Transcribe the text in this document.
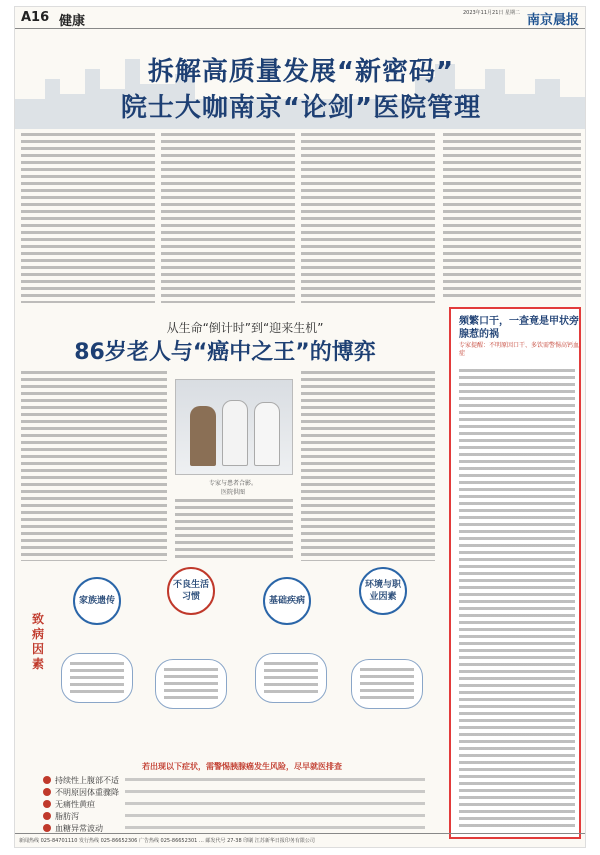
A16 健康
2023年11月21日 星期二 南京晨报
拆解高质量发展“新密码”
院士大咖南京“论剑”医院管理
从生命“倒计时”到“迎来生机”
86岁老人与“癌中之王”的博弈
专家与患者合影。
医院供图
致病因素
家族遗传
不良生活习惯	基础疾病
环境与职业因素
若出现以下症状，需警惕胰腺癌发生风险，尽早就医排查
持续性上腹部不适
不明原因体重骤降
无痛性黄疸
脂肪泻
血糖异常波动
频繁口干，一查竟是甲状旁腺惹的祸
专家提醒：不明原因口干、多饮需警惕高钙血症
新闻热线 025-84701110 发行热线 025-86652306 广告热线 025-86652301 … 邮发代号 27-38 印刷 江苏新华日报印务有限公司
